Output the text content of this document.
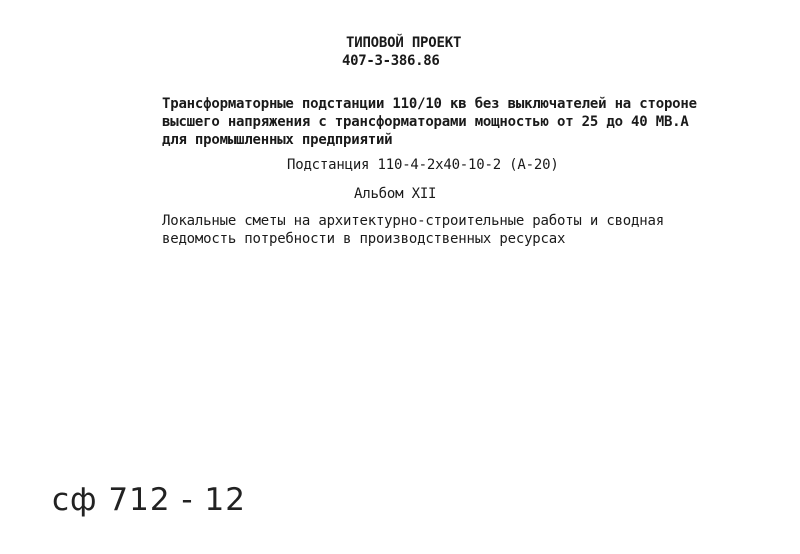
ТИПОВОЙ ПРОЕКТ
407-3-386.86
Трансформаторные подстанции 110/10 кв без выключателей на стороне
высшего напряжения с трансформаторами мощностью от 25 до 40 МВ.А
для промышленных предприятий
Подстанция 110-4-2х40-10-2 (А-20)
Альбом XII
Локальные сметы на архитектурно-строительные работы и сводная
ведомость потребности в производственных ресурсах
сф 712 - 12
